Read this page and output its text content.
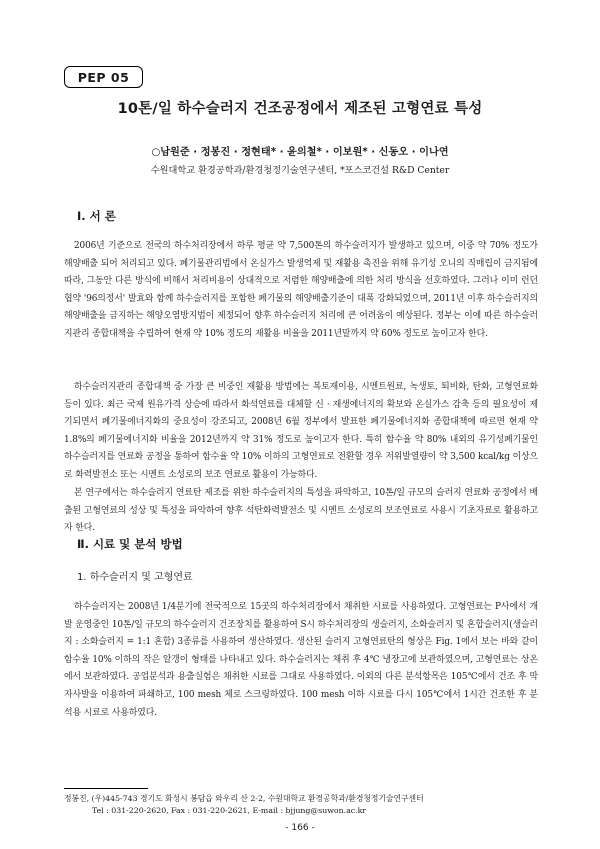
PEP 05
10톤/일 하수슬러지 건조공정에서 제조된 고형연료 특성
○남원준 · 정봉진 · 정현태* · 윤의철* · 이보원* · 신동오 · 이나연
수원대학교 환경공학과/환경청정기술연구센터, *포스코건설 R&D Center
Ⅰ. 서 론

2006년 기준으로 전국의 하수처리장에서 하루 평균 약 7,500톤의 하수슬러지가 발생하고 있으며, 이중 약 70% 정도가 해양배출 되어 처리되고 있다. 폐기물관리법에서 온실가스 발생억제 및 재활용 촉진을 위해 유기성 오니의 직매립이 금지됨에 따라, 그동안 다른 방식에 비해서 처리비용이 상대적으로 저렴한 해양배출에 의한 처리 방식을 선호하였다. 그러나 이미 런던협약 '96의정서' 발효와 함께 하수슬러지를 포함한 폐기물의 해양배출기준이 대폭 강화되었으며, 2011년 이후 하수슬러지의 해양배출을 금지하는 해양오염방지법이 제정되어 향후 하수슬러지 처리에 큰 어려움이 예상된다. 정부는 이에 따른 하수슬러지관리 종합대책을 수립하여 현재 약 10% 정도의 재활용 비율을 2011년말까지 약 60% 정도로 높이고자 한다.

하수슬러지관리 종합대책 중 가장 큰 비중인 재활용 방법에는 복토재이용, 시멘트원료, 녹생토, 퇴비화, 탄화, 고형연료화 등이 있다. 최근 국제 원유가격 상승에 따라서 화석연료를 대체할 신 · 재생에너지의 확보와 온실가스 감축 등의 필요성이 제기되면서 폐기물에너지화의 중요성이 강조되고, 2008년 6월 정부에서 발표한 폐기물에너지화 종합대책에 따르면 현재 약 1.8%의 폐기물에너지화 비율을 2012년까지 약 31% 정도로 높이고자 한다. 특히 함수율 약 80% 내외의 유기성폐기물인 하수슬러지를 연료화 공정을 통하여 함수율 약 10% 이하의 고형연료로 전환할 경우 저위발열량이 약 3,500 kcal/kg 이상으로 화력발전소 또는 시멘트 소성로의 보조 연료로 활용이 가능하다.

본 연구에서는 하수슬러지 연료탄 제조를 위한 하수슬러지의 특성을 파악하고, 10톤/일 규모의 슬러지 연료화 공정에서 배출된 고형연료의 성상 및 특성을 파악하여 향후 석탄화력발전소 및 시멘트 소성로의 보조연료로 사용시 기초자료로 활용하고자 한다.

Ⅱ. 시료 및 분석 방법
1. 하수슬러지 및 고형연료

하수슬러지는 2008년 1/4분기에 전국적으로 15곳의 하수처리장에서 채취한 시료를 사용하였다. 고형연료는 P사에서 개발 운영중인 10톤/일 규모의 하수슬러지 건조장치를 활용하여 S시 하수처리장의 생슬러지, 소화슬러지 및 혼합슬러지(생슬러지 : 소화슬러지 = 1:1 혼합) 3종류를 사용하여 생산하였다. 생산된 슬러지 고형연료탄의 형상은 Fig. 1에서 보는 바와 같이 함수율 10% 이하의 작은 알갱이 형태를 나타내고 있다. 하수슬러지는 채취 후 4℃ 냉장고에 보관하였으며, 고형연료는 상온에서 보관하였다. 공업분석과 용출실험은 채취한 시료를 그대로 사용하였다. 이외의 다른 분석항목은 105℃에서 건조 후 막자사발을 이용하여 파쇄하고, 100 mesh 체로 스크링하였다. 100 mesh 이하 시료를 다시 105℃에서 1시간 건조한 후 분석용 시료로 사용하였다.

정봉진, (우)445-743 경기도 화성시 봉담읍 와우리 산 2-2, 수원대학교 환경공학과/환경청정기술연구센터
Tel : 031-220-2620, Fax : 031-220-2621, E-mail : bjjung@suwon.ac.kr
- 166 -
